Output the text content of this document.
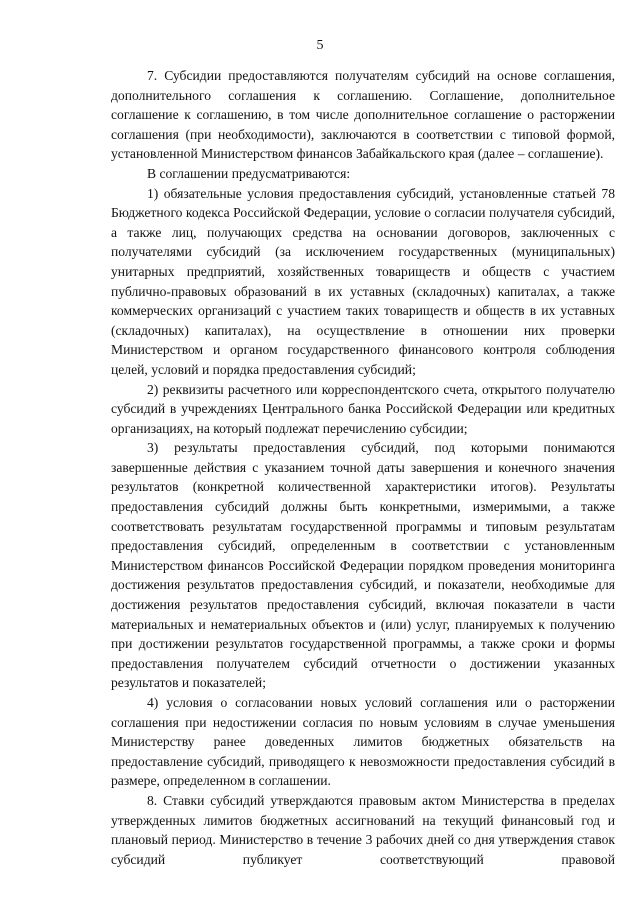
5

7. Субсидии предоставляются получателям субсидий на основе соглашения, дополнительного соглашения к соглашению. Соглашение, дополнительное соглашение к соглашению, в том числе дополнительное соглашение о расторжении соглашения (при необходимости), заключаются в соответствии с типовой формой, установленной Министерством финансов Забайкальского края (далее – соглашение).

В соглашении предусматриваются:

1) обязательные условия предоставления субсидий, установленные статьей 78 Бюджетного кодекса Российской Федерации, условие о согласии получателя субсидий, а также лиц, получающих средства на основании договоров, заключенных с получателями субсидий (за исключением государственных (муниципальных) унитарных предприятий, хозяйственных товариществ и обществ с участием публично-правовых образований в их уставных (складочных) капиталах, а также коммерческих организаций с участием таких товариществ и обществ в их уставных (складочных) капиталах), на осуществление в отношении них проверки Министерством и органом государственного финансового контроля соблюдения целей, условий и порядка предоставления субсидий;

2) реквизиты расчетного или корреспондентского счета, открытого получателю субсидий в учреждениях Центрального банка Российской Федерации или кредитных организациях, на который подлежат перечислению субсидии;

3) результаты предоставления субсидий, под которыми понимаются завершенные действия с указанием точной даты завершения и конечного значения результатов (конкретной количественной характеристики итогов). Результаты предоставления субсидий должны быть конкретными, измеримыми, а также соответствовать результатам государственной программы и типовым результатам предоставления субсидий, определенным в соответствии с установленным Министерством финансов Российской Федерации порядком проведения мониторинга достижения результатов предоставления субсидий, и показатели, необходимые для достижения результатов предоставления субсидий, включая показатели в части материальных и нематериальных объектов и (или) услуг, планируемых к получению при достижении результатов государственной программы, а также сроки и формы предоставления получателем субсидий отчетности о достижении указанных результатов и показателей;

4) условия о согласовании новых условий соглашения или о расторжении соглашения при недостижении согласия по новым условиям в случае уменьшения Министерству ранее доведенных лимитов бюджетных обязательств на предоставление субсидий, приводящего к невозможности предоставления субсидий в размере, определенном в соглашении.

8. Ставки субсидий утверждаются правовым актом Министерства в пределах утвержденных лимитов бюджетных ассигнований на текущий финансовый год и плановый период. Министерство в течение 3 рабочих дней со дня утверждения ставок субсидий публикует соответствующий правовой
